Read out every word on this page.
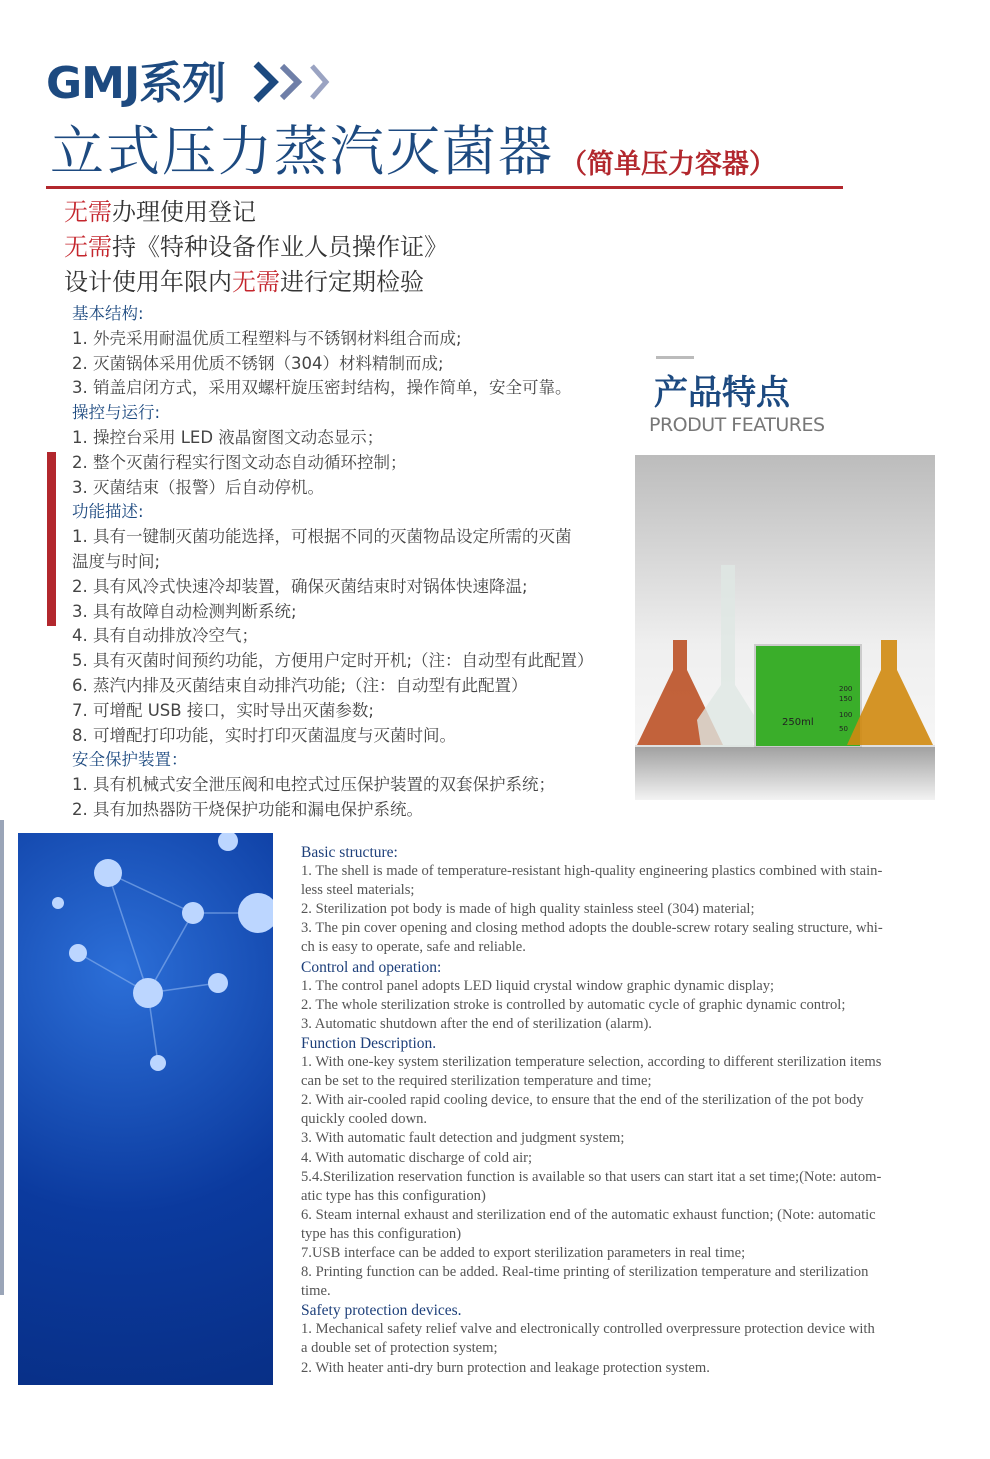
GMJ系列
立式压力蒸汽灭菌器 （简单压力容器）
无需办理使用登记
无需持《特种设备作业人员操作证》
设计使用年限内无需进行定期检验
基本结构:
1. 外壳采用耐温优质工程塑料与不锈钢材料组合而成;
2. 灭菌锅体采用优质不锈钢（304）材料精制而成;
3. 销盖启闭方式，采用双螺杆旋压密封结构，操作简单，安全可靠。
操控与运行:
1. 操控台采用 LED 液晶窗图文动态显示；
2. 整个灭菌行程实行图文动态自动循环控制；
3. 灭菌结束（报警）后自动停机。
功能描述:
1. 具有一键制灭菌功能选择，可根据不同的灭菌物品设定所需的灭菌
温度与时间;
2. 具有风冷式快速冷却装置，确保灭菌结束时对锅体快速降温;
3. 具有故障自动检测判断系统;
4. 具有自动排放冷空气；
5. 具有灭菌时间预约功能，方便用户定时开机;（注：自动型有此配置）
6. 蒸汽内排及灭菌结束自动排汽功能;（注：自动型有此配置）
7. 可增配 USB 接口，实时导出灭菌参数;
8. 可增配打印功能，实时打印灭菌温度与灭菌时间。
安全保护装置：
1. 具有机械式安全泄压阀和电控式过压保护装置的双套保护系统；
2. 具有加热器防干烧保护功能和漏电保护系统。
产品特点
PRODUT FEATURES
250ml
200
150
100
50
Basic structure:
1. The shell is made of temperature-resistant high-quality engineering plastics combined with stain-
less steel materials;
2. Sterilization pot body is made of high quality stainless steel (304) material;
3. The pin cover opening and closing method adopts the double-screw rotary sealing structure, whi-
ch is easy to operate, safe and reliable.
Control and operation:
1. The control panel adopts LED liquid crystal window graphic dynamic display;
2. The whole sterilization stroke is controlled by automatic cycle of graphic dynamic control;
3. Automatic shutdown after the end of sterilization (alarm).
Function Description.
1. With one-key system sterilization temperature selection, according to different sterilization items
can be set to the required sterilization temperature and time;
2. With air-cooled rapid cooling device, to ensure that the end of the sterilization of the pot body
quickly cooled down.
3. With automatic fault detection and judgment system;
4. With automatic discharge of cold air;
5.4.Sterilization reservation function is available so that users can start itat a set time;(Note: autom-
atic type has this configuration)
6. Steam internal exhaust and sterilization end of the automatic exhaust function; (Note: automatic
type has this configuration)
7.USB interface can be added to export sterilization parameters in real time;
8. Printing function can be added. Real-time printing of sterilization temperature and sterilization
time.
Safety protection devices.
1. Mechanical safety relief valve and electronically controlled overpressure protection device with
a double set of protection system;
2. With heater anti-dry burn protection and leakage protection system.
